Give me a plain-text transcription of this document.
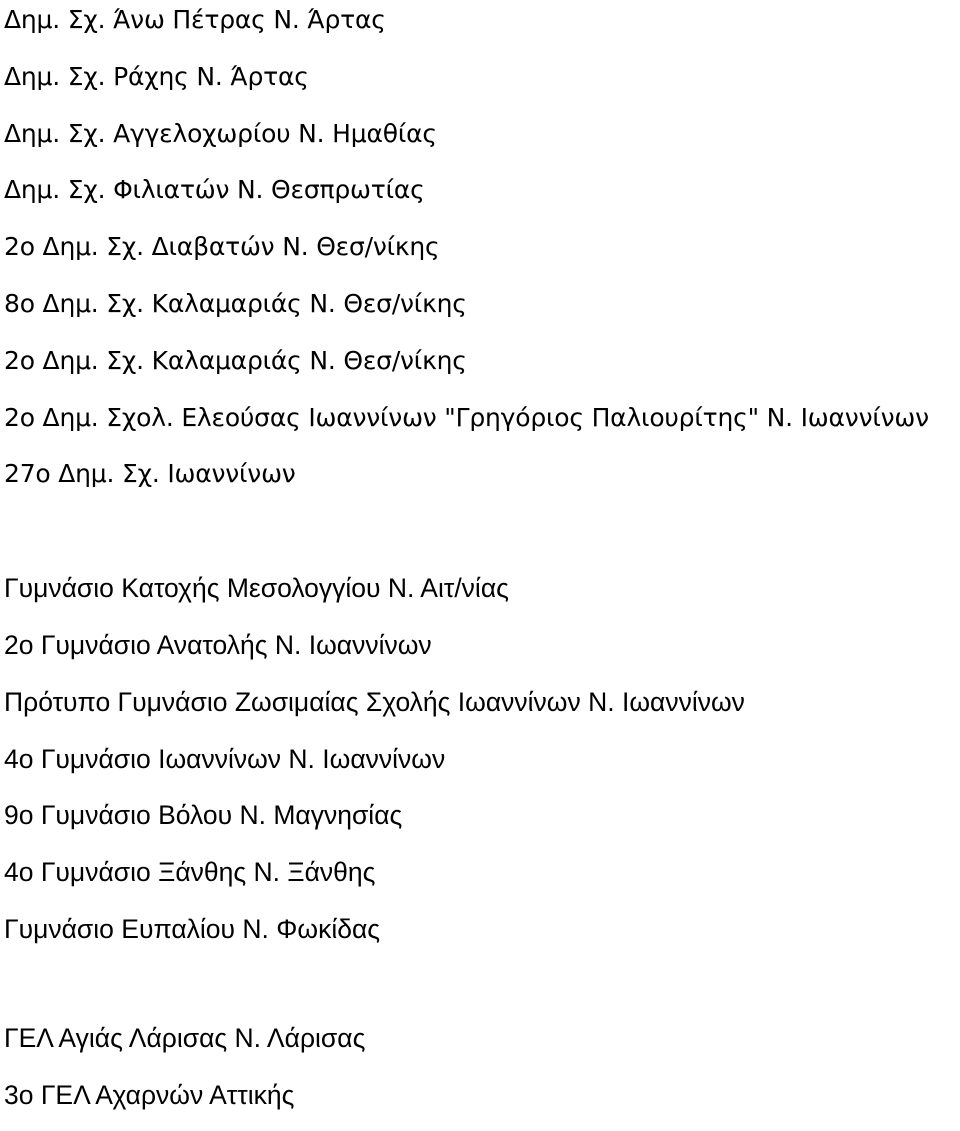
Δημ. Σχ. Άνω Πέτρας Ν. Άρτας
Δημ. Σχ. Ράχης Ν. Άρτας
Δημ. Σχ. Αγγελοχωρίου Ν. Ημαθίας
Δημ. Σχ. Φιλιατών Ν. Θεσπρωτίας
2ο Δημ. Σχ. Διαβατών Ν. Θεσ/νίκης
8ο Δημ. Σχ. Καλαμαριάς Ν. Θεσ/νίκης
2ο Δημ. Σχ. Καλαμαριάς Ν. Θεσ/νίκης
2ο Δημ. Σχολ. Ελεούσας Ιωαννίνων "Γρηγόριος Παλιουρίτης" Ν. Ιωαννίνων
27ο Δημ. Σχ. Ιωαννίνων
Γυμνάσιο Κατοχής Μεσολογγίου Ν. Αιτ/νίας
2ο Γυμνάσιο Ανατολής Ν. Ιωαννίνων
Πρότυπο Γυμνάσιο Ζωσιμαίας Σχολής Ιωαννίνων Ν. Ιωαννίνων
4ο Γυμνάσιο Ιωαννίνων Ν. Ιωαννίνων
9ο Γυμνάσιο Βόλου Ν. Μαγνησίας
4ο Γυμνάσιο Ξάνθης Ν. Ξάνθης
Γυμνάσιο Ευπαλίου Ν. Φωκίδας
ΓΕΛ Αγιάς Λάρισας Ν. Λάρισας
3ο ΓΕΛ Αχαρνών Αττικής
